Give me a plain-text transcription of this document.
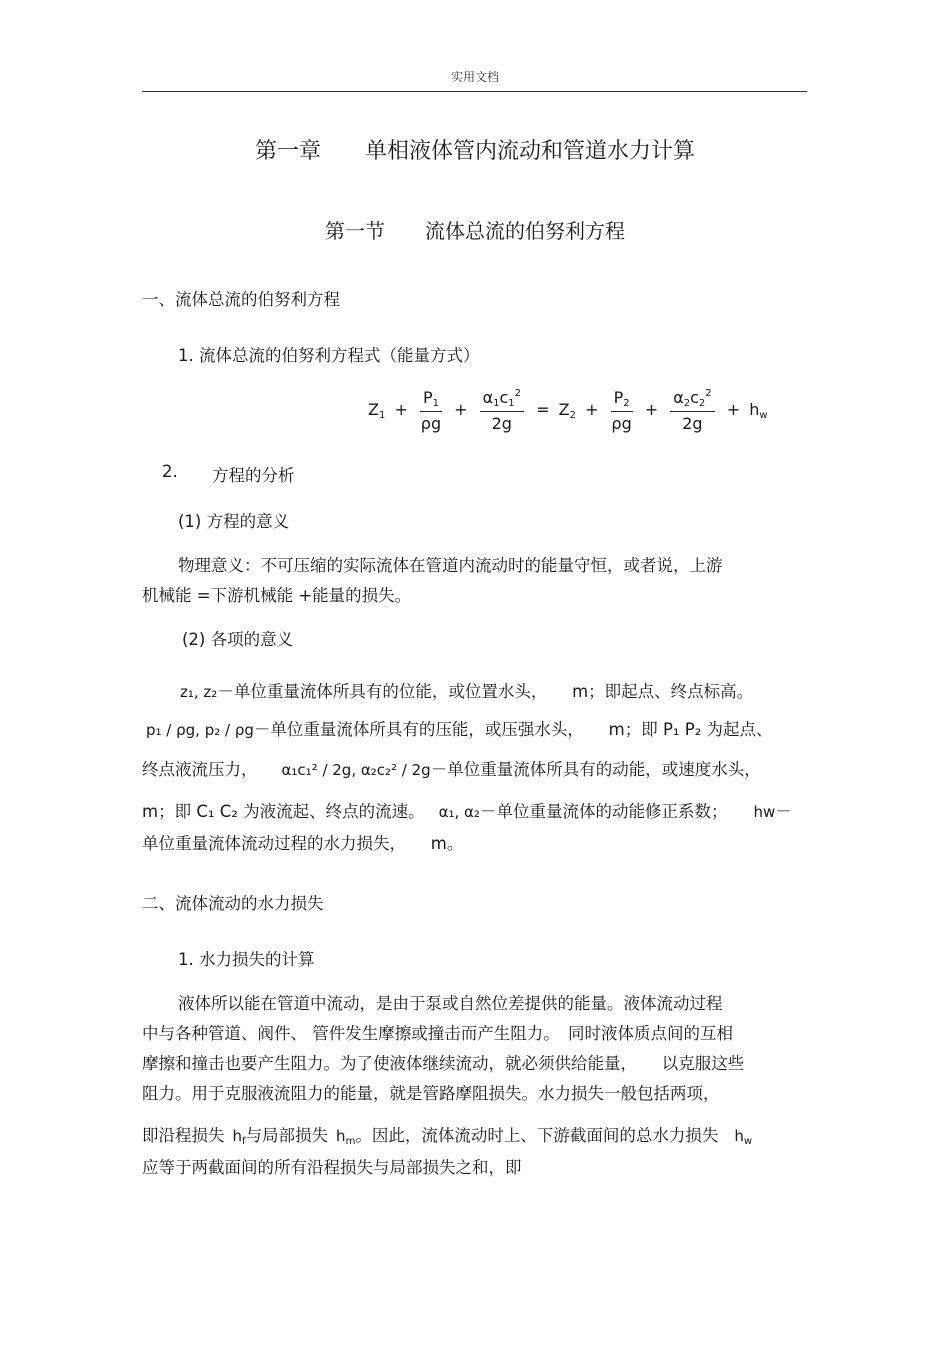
实用文档
第一章　　单相液体管内流动和管道水力计算
第一节　　流体总流的伯努利方程
一、流体总流的伯努利方程
1. 流体总流的伯努利方程式（能量方式）
$Z_1 + \frac{P_1}{\rho g} + \frac{\alpha_1c_1^2}{2g} = Z_2 + \frac{P_2}{\rho g} + \frac{\alpha_2c_2^2}{2g} + h_w$
2. 方程的分析
(1) 方程的意义
物理意义：不可压缩的实际流体在管道内流动时的能量守恒，或者说，上游
机械能 =下游机械能 +能量的损失。
(2) 各项的意义
z₁, z₂－单位重量流体所具有的位能，或位置水头，　　m；即起点、终点标高。
p₁ / ρg, p₂ / ρg－单位重量流体所具有的压能，或压强水头，　　m；即 P₁ P₂ 为起点、
终点液流压力， α₁c₁² / 2g, α₂c₂² / 2g－单位重量流体所具有的动能，或速度水头，
m；即 C₁ C₂ 为液流起、终点的流速。 α₁, α₂－单位重量流体的动能修正系数； hw－
单位重量流体流动过程的水力损失，　　m。
二、流体流动的水力损失
1. 水力损失的计算
液体所以能在管道中流动，是由于泵或自然位差提供的能量。液体流动过程
中与各种管道、阀件、 管件发生摩擦或撞击而产生阻力。　同时液体质点间的互相
摩擦和撞击也要产生阻力。为了使液体继续流动，就必须供给能量，　　以克服这些
阻力。用于克服液流阻力的能量，就是管路摩阻损失。水力损失一般包括两项，
即沿程损失 $h_f$与局部损失 $h_m$。因此，流体流动时上、下游截面间的总水力损失 $h_w$
应等于两截面间的所有沿程损失与局部损失之和，即
